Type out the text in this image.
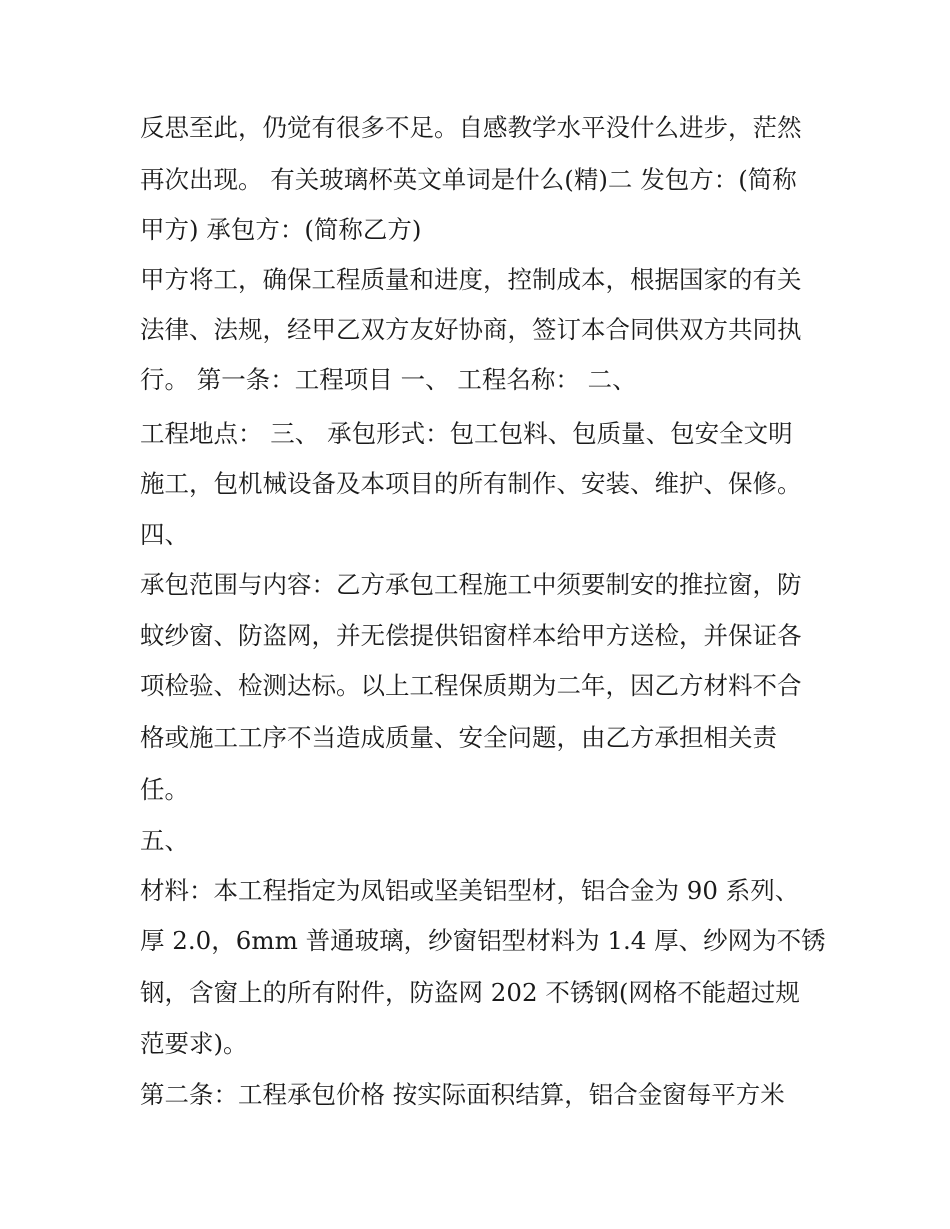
反思至此，仍觉有很多不足。自感教学水平没什么进步，茫然
再次出现。 有关玻璃杯英文单词是什么(精)二 发包方：(简称
甲方) 承包方：(简称乙方)
甲方将工，确保工程质量和进度，控制成本，根据国家的有关
法律、法规，经甲乙双方友好协商，签订本合同供双方共同执
行。 第一条：工程项目 一、 工程名称： 二、
工程地点： 三、 承包形式：包工包料、包质量、包安全文明
施工，包机械设备及本项目的所有制作、安装、维护、保修。
四、
承包范围与内容：乙方承包工程施工中须要制安的推拉窗，防
蚊纱窗、防盗网，并无偿提供铝窗样本给甲方送检，并保证各
项检验、检测达标。以上工程保质期为二年，因乙方材料不合
格或施工工序不当造成质量、安全问题，由乙方承担相关责
任。
五、
材料：本工程指定为凤铝或坚美铝型材，铝合金为 90 系列、
厚 2.0，6mm 普通玻璃，纱窗铝型材料为 1.4 厚、纱网为不锈
钢，含窗上的所有附件，防盗网 202 不锈钢(网格不能超过规
范要求)。
第二条：工程承包价格 按实际面积结算，铝合金窗每平方米
